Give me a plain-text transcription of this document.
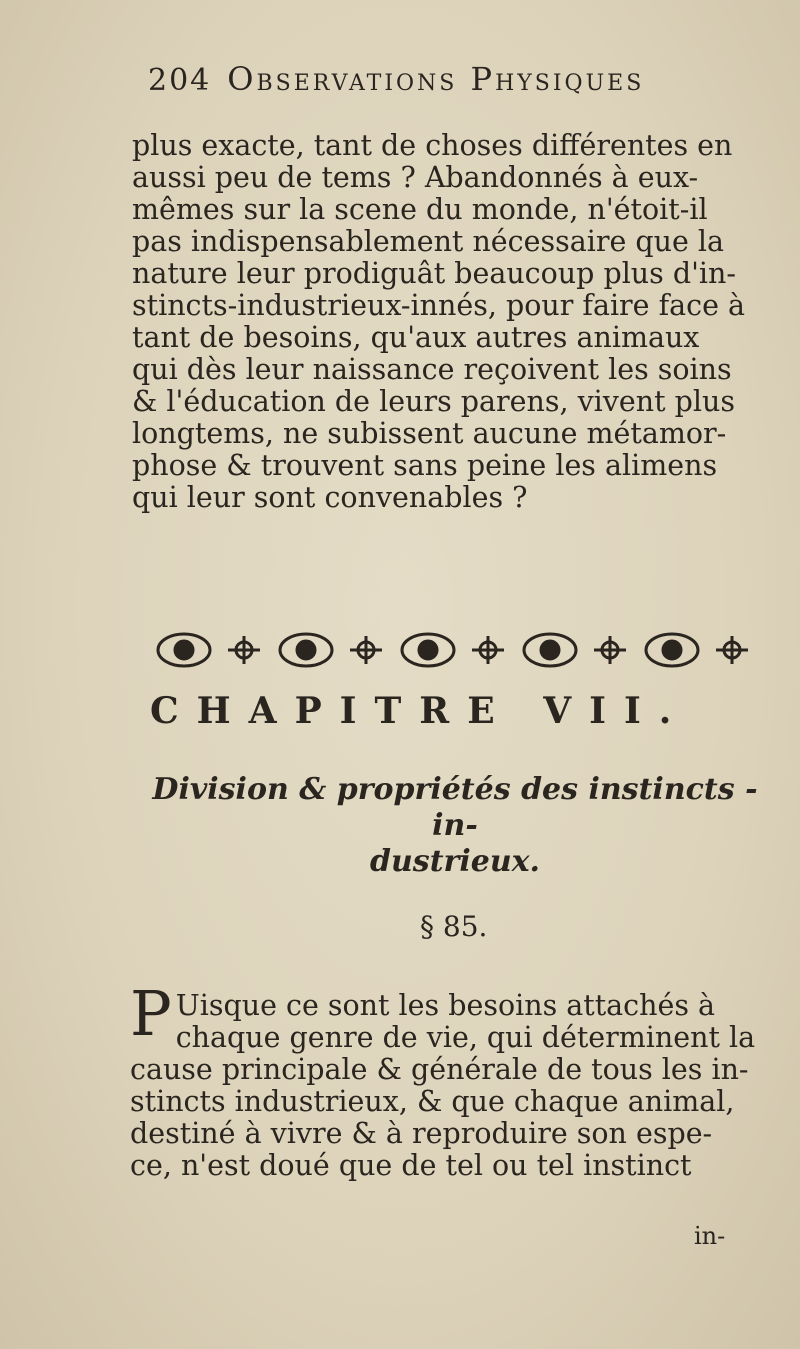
204 Observations Physiques
plus exacte, tant de choses différentes en
aussi peu de tems ? Abandonnés à eux-
mêmes sur la scene du monde, n'étoit-il
pas indispensablement nécessaire que la
nature leur prodiguât beaucoup plus d'in-
stincts-industrieux-innés, pour faire face à
tant de besoins, qu'aux autres animaux
qui dès leur naissance reçoivent les soins
& l'éducation de leurs parens, vivent plus
longtems, ne subissent aucune métamor-
phose & trouvent sans peine les alimens
qui leur sont convenables ?
CHAPITRE VII.
Division & propriétés des instincts - in-
dustrieux.
§ 85.
P Uisque ce sont les besoins attachés à
chaque genre de vie, qui déterminent la
cause principale & générale de tous les in-
stincts industrieux, & que chaque animal,
destiné à vivre & à reproduire son espe-
ce, n'est doué que de tel ou tel instinct
in-
